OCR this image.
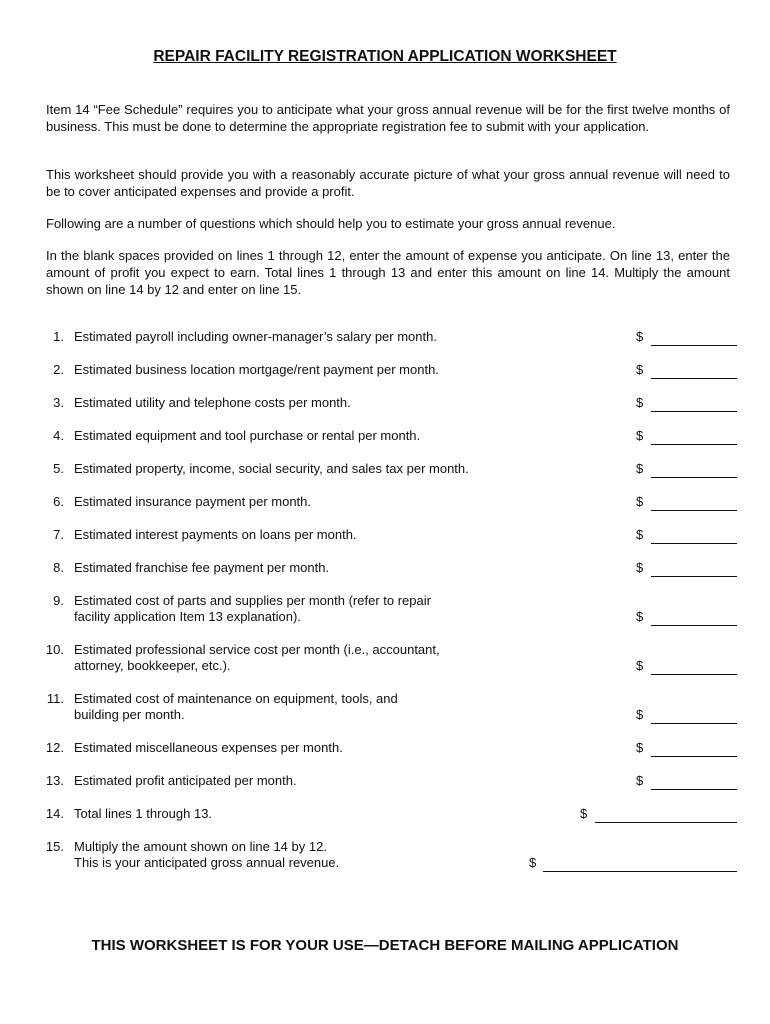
REPAIR FACILITY REGISTRATION APPLICATION WORKSHEET

Item 14 “Fee Schedule” requires you to anticipate what your gross annual revenue will be for the first twelve months of business. This must be done to determine the appropriate registration fee to submit with your application.

This worksheet should provide you with a reasonably accurate picture of what your gross annual revenue will need to be to cover anticipated expenses and provide a profit.

Following are a number of questions which should help you to estimate your gross annual revenue.

In the blank spaces provided on lines 1 through 12, enter the amount of expense you anticipate. On line 13, enter the amount of profit you expect to earn. Total lines 1 through 13 and enter this amount on line 14. Multiply the amount shown on line 14 by 12 and enter on line 15.

1. Estimated payroll including owner-manager’s salary per month.	$
2. Estimated business location mortgage/rent payment per month.	$
3. Estimated utility and telephone costs per month.	$
4. Estimated equipment and tool purchase or rental per month.	$
5. Estimated property, income, social security, and sales tax per month.	$
6. Estimated insurance payment per month.	$
7. Estimated interest payments on loans per month.	$
8. Estimated franchise fee payment per month.	$
9. Estimated cost of parts and supplies per month (refer to repair
facility application Item 13 explanation).	$
10. Estimated professional service cost per month (i.e., accountant,
attorney, bookkeeper, etc.).	$
11. Estimated cost of maintenance on equipment, tools, and
building per month.	$
12. Estimated miscellaneous expenses per month.	$
13. Estimated profit anticipated per month.	$
14. Total lines 1 through 13.	$
15. Multiply the amount shown on line 14 by 12.
This is your anticipated gross annual revenue.	$
THIS WORKSHEET IS FOR YOUR USE—DETACH BEFORE MAILING APPLICATION
